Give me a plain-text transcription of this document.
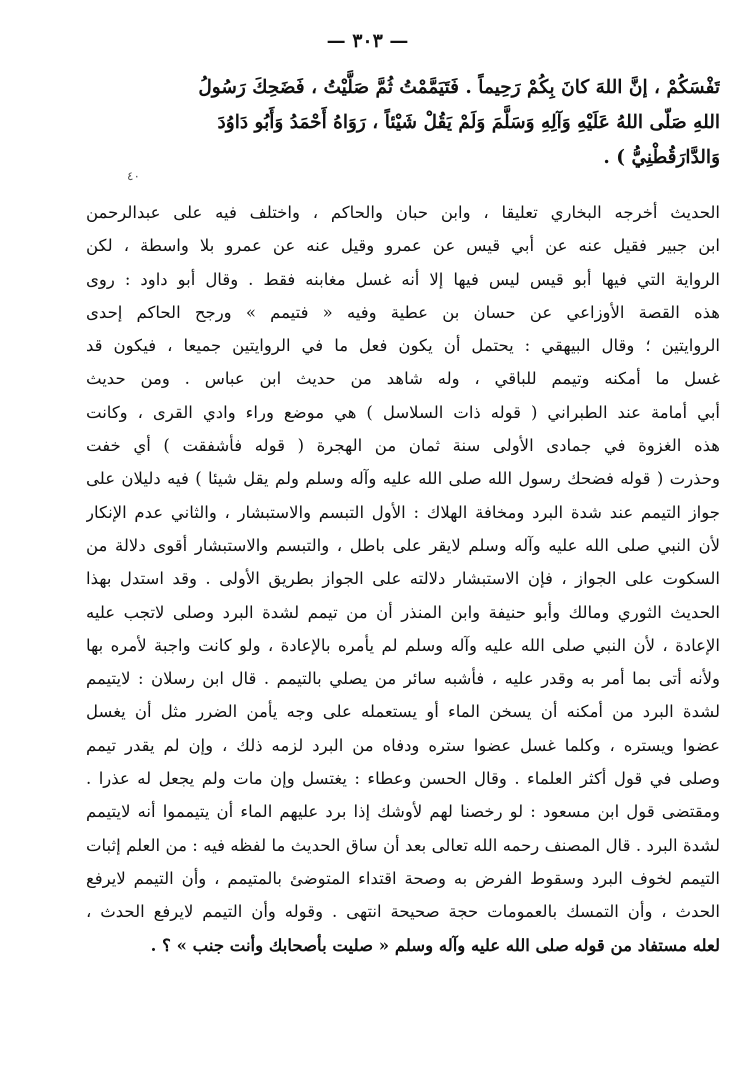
— ٣٠٣ —
تَفْسَكُمْ ، إنَّ اللهَ كانَ بِكُمْ رَحِيماً . فَتَيَمَّمْتُ ثُمَّ صَلَّيْتُ ، فَضَحِكَ رَسُولُ
اللهِ صَلّى اللهُ عَلَيْهِ وَآلِهِ وَسَلَّمَ وَلَمْ يَقُلْ شَيْئاً ، رَوَاهُ أَحْمَدُ وَأَبُو دَاوُدَ
وَالدَّارَقُطْنِيُّ ) .
٤٠
الحديث أخرجه البخاري تعليقا ، وابن حبان والحاكم ، واختلف فيه على عبدالرحمن
ابن جبير فقيل عنه عن أبي قيس عن عمرو وقيل عنه عن عمرو بلا واسطة ، لكن
الرواية التي فيها أبو قيس ليس فيها إلا أنه غسل مغابنه فقط . وقال أبو داود : روى
هذه القصة الأوزاعي عن حسان بن عطية وفيه « فتيمم » ورجح الحاكم إحدى
الروايتين ؛ وقال البيهقي : يحتمل أن يكون فعل ما في الروايتين جميعا ، فيكون قد
غسل ما أمكنه وتيمم للباقي ، وله شاهد من حديث ابن عباس . ومن حديث
أبي أمامة عند الطبراني ( قوله ذات السلاسل ) هي موضع وراء وادي القرى ، وكانت
هذه الغزوة في جمادى الأولى سنة ثمان من الهجرة ( قوله فأشفقت ) أي خفت
وحذرت ( قوله فضحك رسول الله صلى الله عليه وآله وسلم ولم يقل شيئا ) فيه دليلان على
جواز التيمم عند شدة البرد ومخافة الهلاك : الأول التبسم والاستبشار ، والثاني عدم الإنكار
لأن النبي صلى الله عليه وآله وسلم لايقر على باطل ، والتبسم والاستبشار أقوى دلالة من
السكوت على الجواز ، فإن الاستبشار دلالته على الجواز بطريق الأولى . وقد استدل بهذا
الحديث الثوري ومالك وأبو حنيفة وابن المنذر أن من تيمم لشدة البرد وصلى لاتجب عليه
الإعادة ، لأن النبي صلى الله عليه وآله وسلم لم يأمره بالإعادة ، ولو كانت واجبة لأمره بها
ولأنه أتى بما أمر به وقدر عليه ، فأشبه سائر من يصلي بالتيمم . قال ابن رسلان : لايتيمم
لشدة البرد من أمكنه أن يسخن الماء أو يستعمله على وجه يأمن الضرر مثل أن يغسل
عضوا ويستره ، وكلما غسل عضوا ستره ودفاه من البرد لزمه ذلك ، وإن لم يقدر تيمم
وصلى في قول أكثر العلماء . وقال الحسن وعطاء : يغتسل وإن مات ولم يجعل له عذرا .
ومقتضى قول ابن مسعود : لو رخصنا لهم لأوشك إذا برد عليهم الماء أن يتيمموا أنه لايتيمم
لشدة البرد . قال المصنف رحمه الله تعالى بعد أن ساق الحديث ما لفظه فيه : من العلم إثبات
التيمم لخوف البرد وسقوط الفرض به وصحة اقتداء المتوضئ بالمتيمم ، وأن التيمم لايرفع
الحدث ، وأن التمسك بالعمومات حجة صحيحة انتهى . وقوله وأن التيمم لايرفع الحدث ،
لعله مستفاد من قوله صلى الله عليه وآله وسلم « صليت بأصحابك وأنت جنب » ؟ .
